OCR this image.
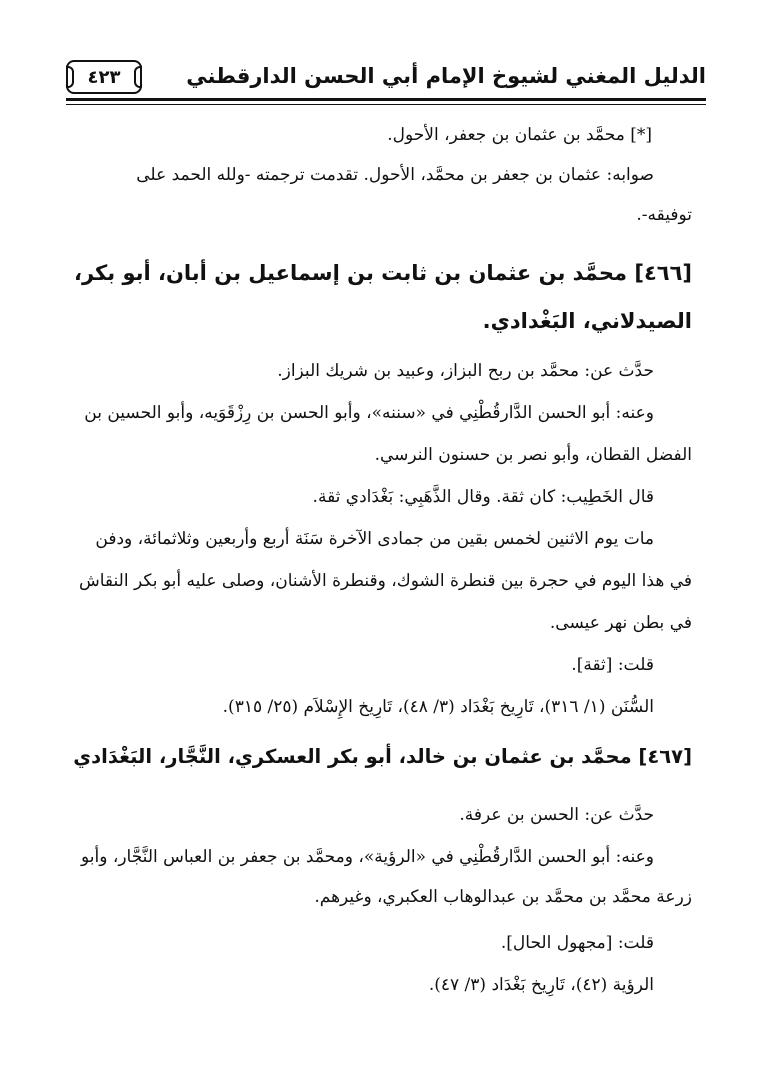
الدليل المغني لشيوخ الإمام أبي الحسن الدارقطني
٤٢٣
[*] محمَّد بن عثمان بن جعفر، الأحول.
صوابه: عثمان بن جعفر بن محمَّد، الأحول. تقدمت ترجمته -ولله الحمد على
توفيقه-.
[٤٦٦] محمَّد بن عثمان بن ثابت بن إسماعيل بن أبان، أبو بكر،
الصيدلاني، البَغْدادي.
حدَّث عن: محمَّد بن ربح البزاز، وعبيد بن شريك البزاز.
وعنه: أبو الحسن الدَّارقُطْنِي في «سننه»، وأبو الحسن بن رِزْقَوَيه، وأبو الحسين بن
الفضل القطان، وأبو نصر بن حسنون النرسي.
قال الخَطِيب: كان ثقة. وقال الذَّهَبِي: بَغْدَادي ثقة.
مات يوم الاثنين لخمس بقين من جمادى الآخرة سَنَة أربع وأربعين وثلاثمائة، ودفن
في هذا اليوم في حجرة بين قنطرة الشوك، وقنطرة الأشنان، وصلى عليه أبو بكر النقاش
في بطن نهر عيسى.
قلت: [ثقة].
السُّنَن (١/ ٣١٦)، تَارِيخ بَغْدَاد (٣/ ٤٨)، تَارِيخ الإِسْلاَم (٢٥/ ٣١٥).
[٤٦٧] محمَّد بن عثمان بن خالد، أبو بكر العسكري، النَّجَّار، البَغْدَادي
حدَّث عن: الحسن بن عرفة.
وعنه: أبو الحسن الدَّارقُطْنِي في «الرؤية»، ومحمَّد بن جعفر بن العباس النَّجَّار، وأبو
زرعة محمَّد بن محمَّد بن عبدالوهاب العكبري، وغيرهم.
قلت: [مجهول الحال].
الرؤية (٤٢)، تَارِيخ بَغْدَاد (٣/ ٤٧).
